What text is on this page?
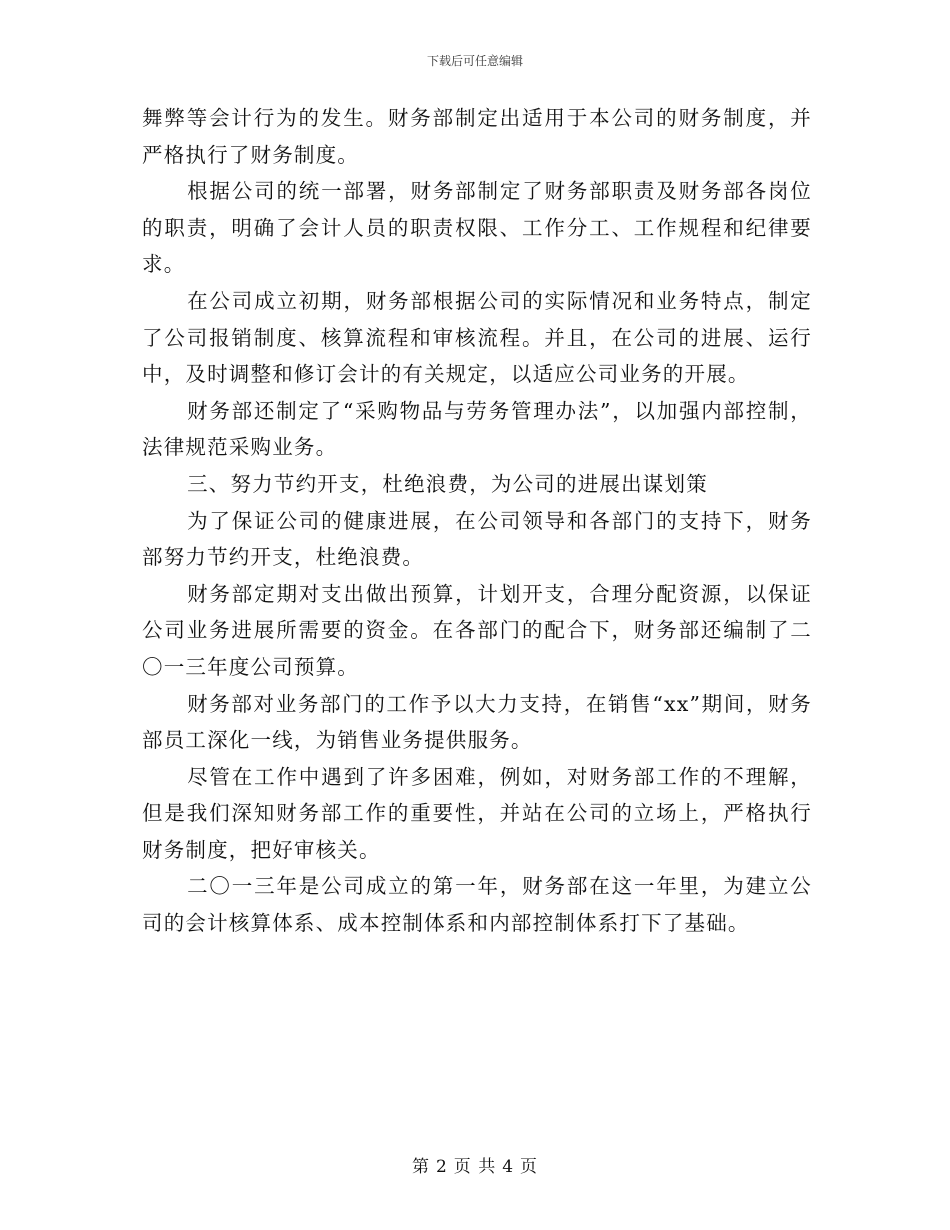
下载后可任意编辑

舞弊等会计行为的发生。财务部制定出适用于本公司的财务制度，并严格执行了财务制度。

根据公司的统一部署，财务部制定了财务部职责及财务部各岗位的职责，明确了会计人员的职责权限、工作分工、工作规程和纪律要求。

在公司成立初期，财务部根据公司的实际情况和业务特点，制定了公司报销制度、核算流程和审核流程。并且，在公司的进展、运行中，及时调整和修订会计的有关规定，以适应公司业务的开展。

财务部还制定了“采购物品与劳务管理办法”，以加强内部控制，法律规范采购业务。

三、努力节约开支，杜绝浪费，为公司的进展出谋划策

为了保证公司的健康进展，在公司领导和各部门的支持下，财务部努力节约开支，杜绝浪费。

财务部定期对支出做出预算，计划开支，合理分配资源，以保证公司业务进展所需要的资金。在各部门的配合下，财务部还编制了二〇一三年度公司预算。

财务部对业务部门的工作予以大力支持，在销售“xx”期间，财务部员工深化一线，为销售业务提供服务。

尽管在工作中遇到了许多困难，例如，对财务部工作的不理解，但是我们深知财务部工作的重要性，并站在公司的立场上，严格执行财务制度，把好审核关。

二〇一三年是公司成立的第一年，财务部在这一年里，为建立公司的会计核算体系、成本控制体系和内部控制体系打下了基础。

第 2 页 共 4 页
